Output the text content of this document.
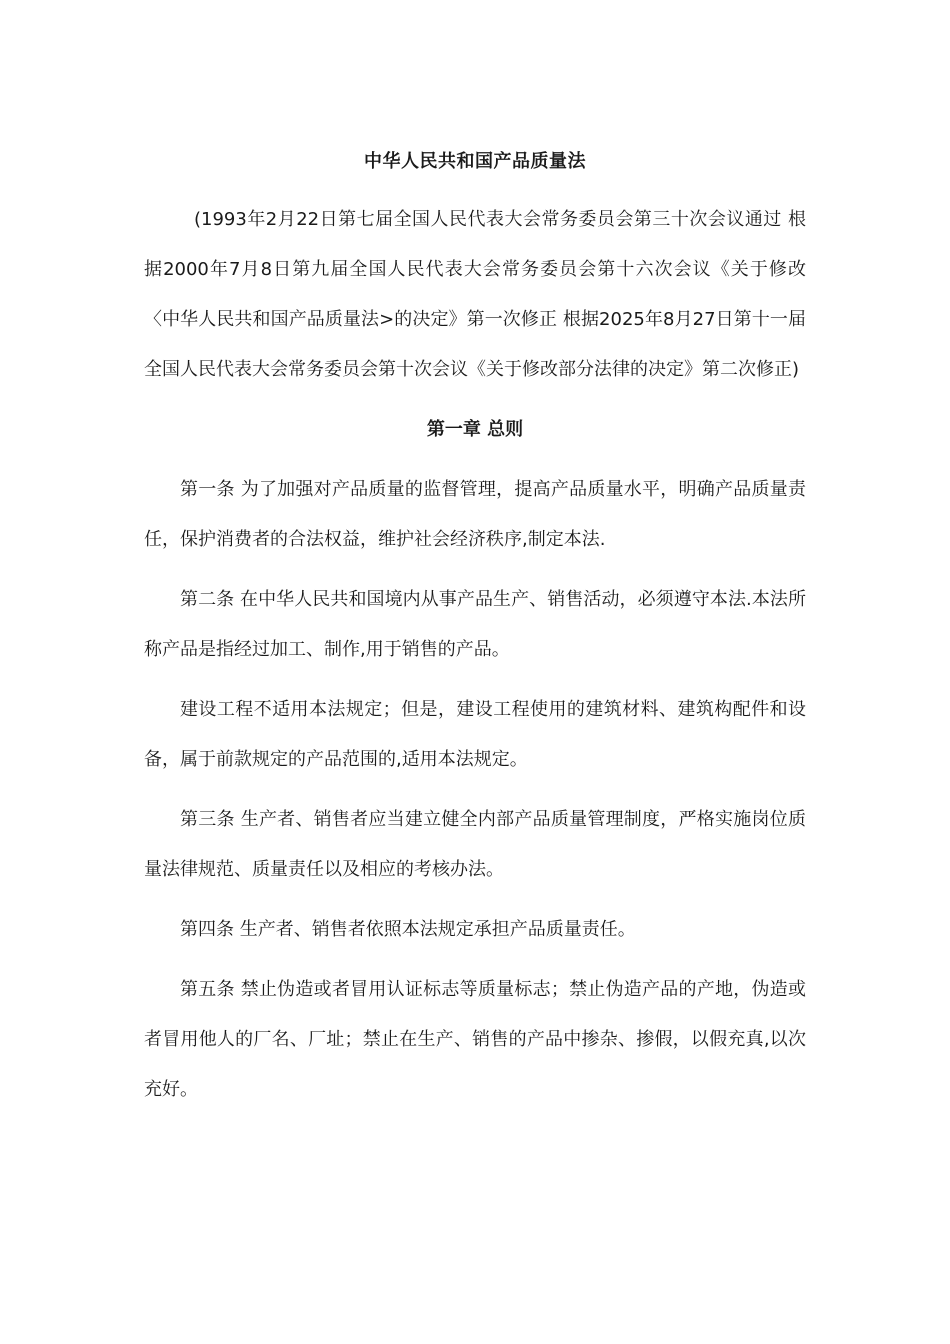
中华人民共和国产品质量法

(1993年2月22日第七届全国人民代表大会常务委员会第三十次会议通过 根据2000年7月8日第九届全国人民代表大会常务委员会第十六次会议《关于修改〈中华人民共和国产品质量法>的决定》第一次修正 根据2025年8月27日第十一届全国人民代表大会常务委员会第十次会议《关于修改部分法律的决定》第二次修正)

第一章 总则

第一条 为了加强对产品质量的监督管理，提高产品质量水平，明确产品质量责任，保护消费者的合法权益，维护社会经济秩序,制定本法.

第二条 在中华人民共和国境内从事产品生产、销售活动，必须遵守本法.本法所称产品是指经过加工、制作,用于销售的产品。

建设工程不适用本法规定；但是，建设工程使用的建筑材料、建筑构配件和设备，属于前款规定的产品范围的,适用本法规定。

第三条 生产者、销售者应当建立健全内部产品质量管理制度，严格实施岗位质量法律规范、质量责任以及相应的考核办法。

第四条 生产者、销售者依照本法规定承担产品质量责任。

第五条 禁止伪造或者冒用认证标志等质量标志；禁止伪造产品的产地，伪造或者冒用他人的厂名、厂址；禁止在生产、销售的产品中掺杂、掺假，以假充真,以次充好。
